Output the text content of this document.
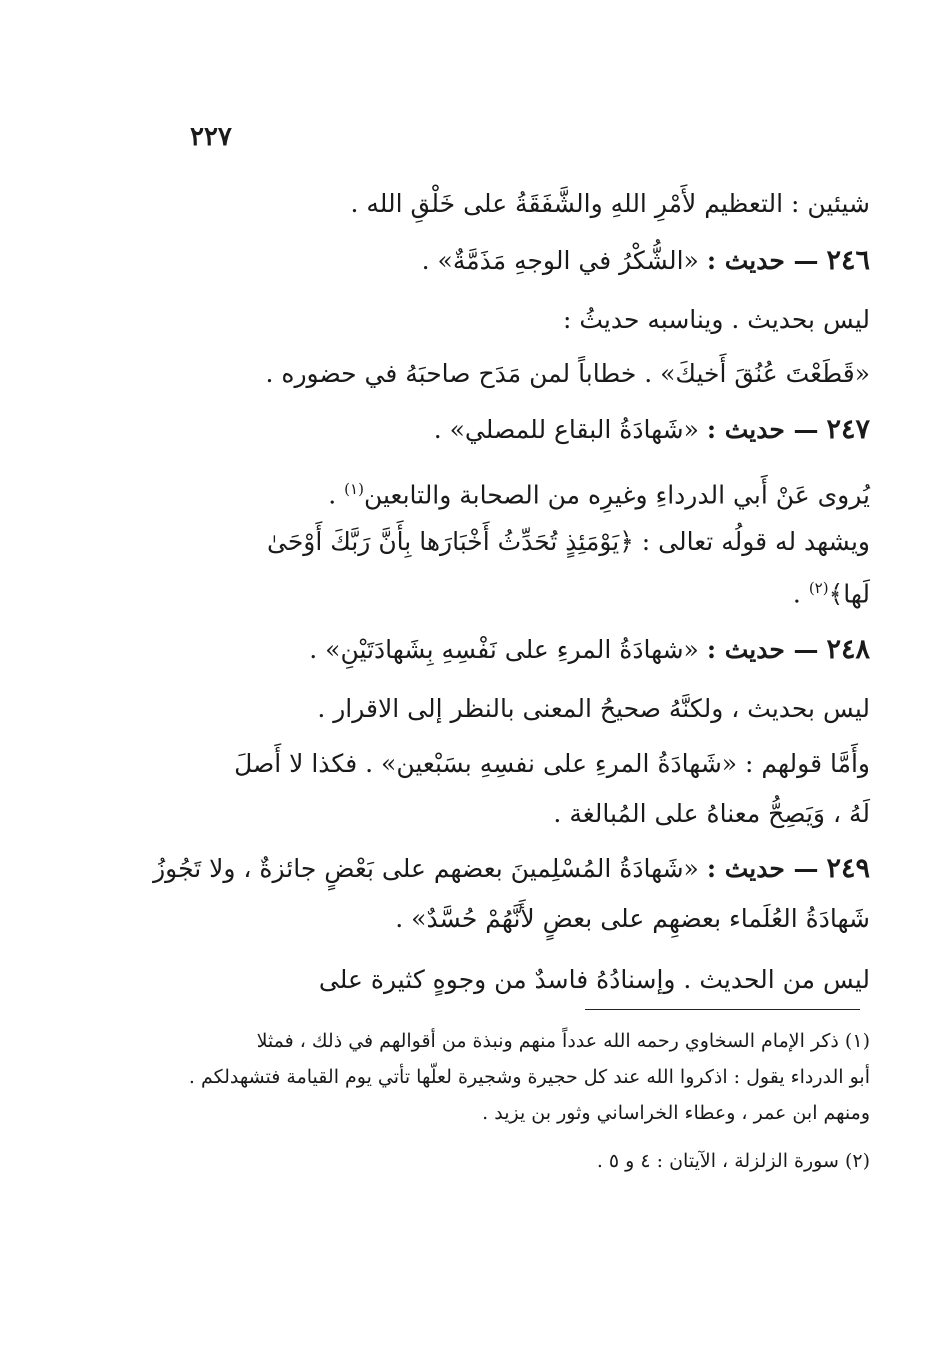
٢٢٧
شيئين : التعظيم لأَمْرِ اللهِ والشَّفَقَةُ على خَلْقِ الله .
٢٤٦ — حديث : «الشُّكْرُ في الوجهِ مَذَمَّةٌ» .
ليس بحديث . ويناسبه حديثُ :
«قَطَعْتَ عُنُقَ أَخيكَ» . خطاباً لمن مَدَح صاحبَهُ في حضوره .
٢٤٧ — حديث : «شَهادَةُ البقاع للمصلي» .
يُروى عَنْ أَبي الدرداءِ وغيرِه من الصحابة والتابعين$^{(١)}$ .
ويشهد له قولُه تعالى : ﴿يَوْمَئِذٍ تُحَدِّثُ أَخْبَارَها بِأَنَّ رَبَّكَ أَوْحَىٰ
لَها﴾$^{(٢)}$ .
٢٤٨ — حديث : «شهادَةُ المرءِ على نَفْسِهِ بِشَهادَتَيْنِ» .
ليس بحديث ، ولكنَّهُ صحيحُ المعنى بالنظر إلى الاقرار .
وأَمَّا قولهم : «شَهادَةُ المرءِ على نفسِهِ بسَبْعين» . فكذا لا أَصلَ
لَهُ ، وَيَصِحُّ معناهُ على المُبالغة .
٢٤٩ — حديث : «شَهادَةُ المُسْلِمينَ بعضهم على بَعْضٍ جائزةٌ ، ولا تَجُوزُ
شَهادَةُ العُلَماء بعضهِم على بعضٍ لأَنَّهُمْ حُسَّدٌ» .
ليس من الحديث . وإسنادُهُ فاسدٌ من وجوهٍ كثيرة على
(١) ذكر الإمام السخاوي رحمه الله عدداً منهم ونبذة من أقوالهم في ذلك ، فمثلا
أبو الدرداء يقول : اذكروا الله عند كل حجيرة وشجيرة لعلّها تأتي يوم القيامة فتشهدلكم .
ومنهم ابن عمر ، وعطاء الخراساني وثور بن يزيد .
(٢) سورة الزلزلة ، الآيتان : ٤ و ٥ .
